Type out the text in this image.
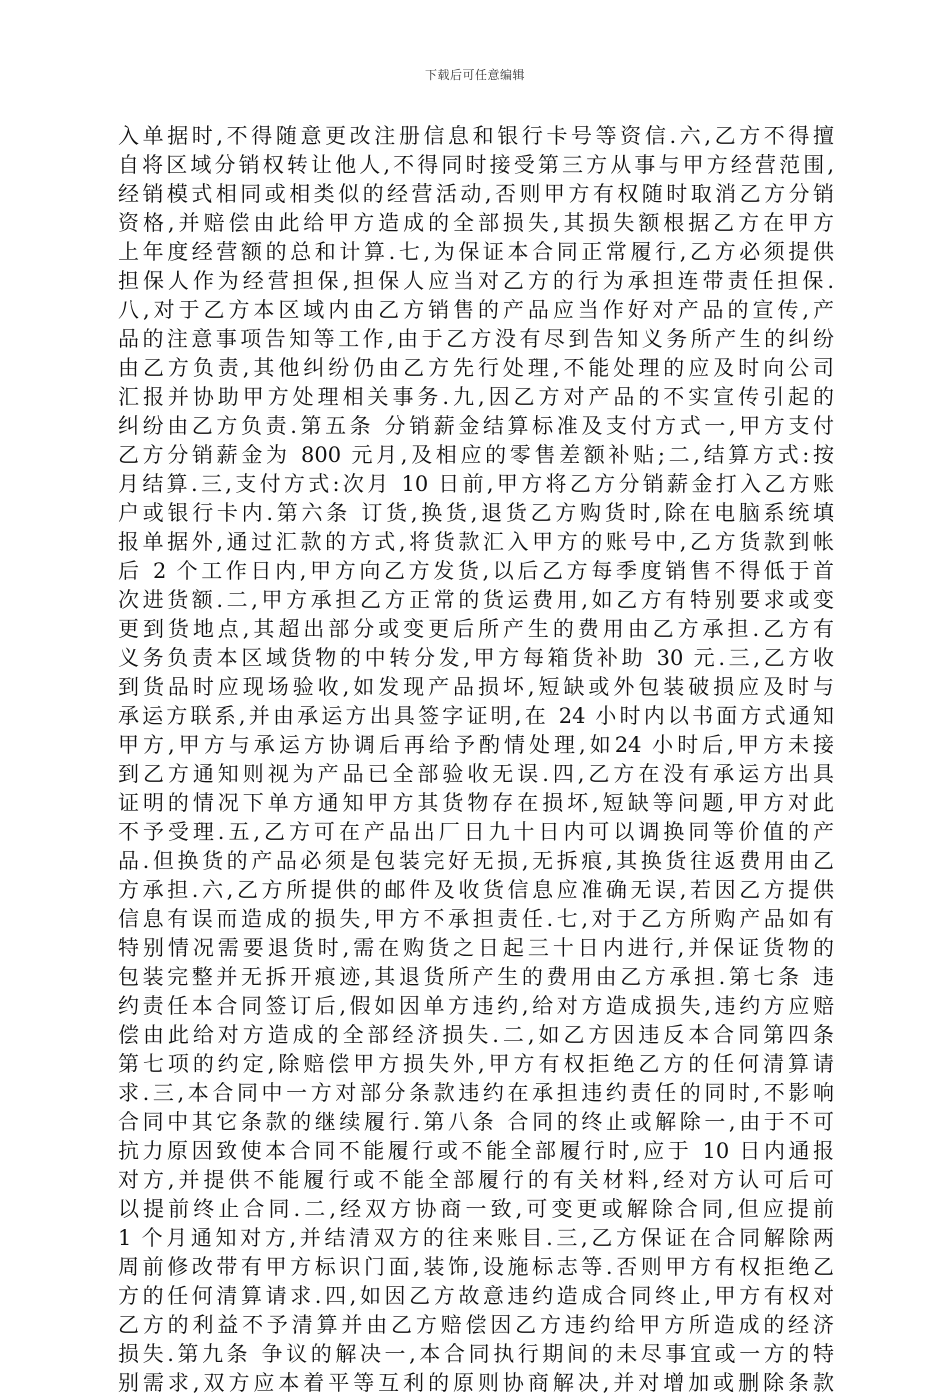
下载后可任意编辑
入单据时,不得随意更改注册信息和银行卡号等资信.六,乙方不得擅
自将区域分销权转让他人,不得同时接受第三方从事与甲方经营范围,
经销模式相同或相类似的经营活动,否则甲方有权随时取消乙方分销
资格,并赔偿由此给甲方造成的全部损失,其损失额根据乙方在甲方
上年度经营额的总和计算.七,为保证本合同正常履行,乙方必须提供
担保人作为经营担保,担保人应当对乙方的行为承担连带责任担保.
八,对于乙方本区域内由乙方销售的产品应当作好对产品的宣传,产
品的注意事项告知等工作,由于乙方没有尽到告知义务所产生的纠纷
由乙方负责,其他纠纷仍由乙方先行处理,不能处理的应及时向公司
汇报并协助甲方处理相关事务.九,因乙方对产品的不实宣传引起的
纠纷由乙方负责.第五条 分销薪金结算标准及支付方式一,甲方支付
乙方分销薪金为 800 元月,及相应的零售差额补贴;二,结算方式:按
月结算.三,支付方式:次月 10 日前,甲方将乙方分销薪金打入乙方账
户或银行卡内.第六条 订货,换货,退货乙方购货时,除在电脑系统填
报单据外,通过汇款的方式,将货款汇入甲方的账号中,乙方货款到帐
后 2 个工作日内,甲方向乙方发货,以后乙方每季度销售不得低于首
次进货额.二,甲方承担乙方正常的货运费用,如乙方有特别要求或变
更到货地点,其超出部分或变更后所产生的费用由乙方承担.乙方有
义务负责本区域货物的中转分发,甲方每箱货补助 30 元.三,乙方收
到货品时应现场验收,如发现产品损坏,短缺或外包装破损应及时与
承运方联系,并由承运方出具签字证明,在 24 小时内以书面方式通知
甲方,甲方与承运方协调后再给予酌情处理,如24 小时后,甲方未接
到乙方通知则视为产品已全部验收无误.四,乙方在没有承运方出具
证明的情况下单方通知甲方其货物存在损坏,短缺等问题,甲方对此
不予受理.五,乙方可在产品出厂日九十日内可以调换同等价值的产
品.但换货的产品必须是包装完好无损,无拆痕,其换货往返费用由乙
方承担.六,乙方所提供的邮件及收货信息应准确无误,若因乙方提供
信息有误而造成的损失,甲方不承担责任.七,对于乙方所购产品如有
特别情况需要退货时,需在购货之日起三十日内进行,并保证货物的
包装完整并无拆开痕迹,其退货所产生的费用由乙方承担.第七条 违
约责任本合同签订后,假如因单方违约,给对方造成损失,违约方应赔
偿由此给对方造成的全部经济损失.二,如乙方因违反本合同第四条
第七项的约定,除赔偿甲方损失外,甲方有权拒绝乙方的任何清算请
求.三,本合同中一方对部分条款违约在承担违约责任的同时,不影响
合同中其它条款的继续履行.第八条 合同的终止或解除一,由于不可
抗力原因致使本合同不能履行或不能全部履行时,应于 10 日内通报
对方,并提供不能履行或不能全部履行的有关材料,经对方认可后可
以提前终止合同.二,经双方协商一致,可变更或解除合同,但应提前
1 个月通知对方,并结清双方的往来账目.三,乙方保证在合同解除两
周前修改带有甲方标识门面,装饰,设施标志等.否则甲方有权拒绝乙
方的任何清算请求.四,如因乙方故意违约造成合同终止,甲方有权对
乙方的利益不予清算并由乙方赔偿因乙方违约给甲方所造成的经济
损失.第九条 争议的解决一,本合同执行期间的未尽事宜或一方的特
别需求,双方应本着平等互利的原则协商解决,并对增加或删除条款
